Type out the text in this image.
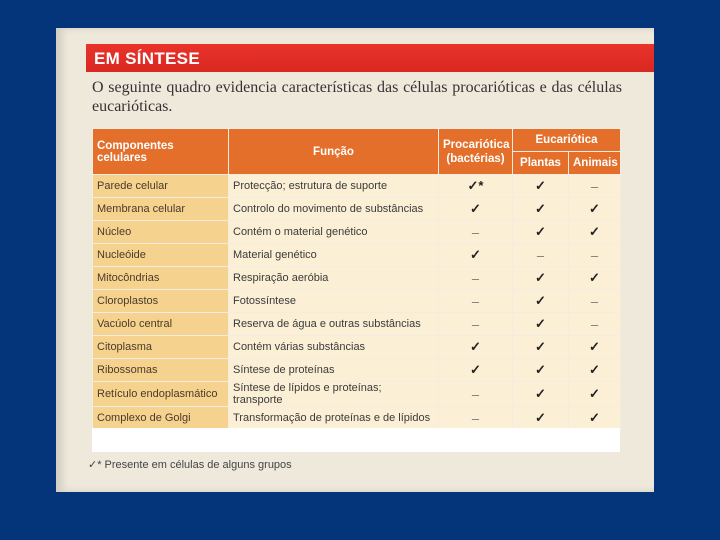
EM SÍNTESE
O seguinte quadro evidencia características das células procarióticas e das células eucarióticas.
Componentes celulares	Função	Procariótica (bactérias)	Eucariótica	
			Plantas	Animais
Parede celular	Protecção; estrutura de suporte	✓*	✓	–
Membrana celular	Controlo do movimento de substâncias	✓	✓	✓
Núcleo	Contém o material genético	–	✓	✓
Nucleóide	Material genético	✓	–	–
Mitocôndrias	Respiração aeróbia	–	✓	✓
Cloroplastos	Fotossíntese	–	✓	–
Vacúolo central	Reserva de água e outras substâncias	–	✓	–
Citoplasma	Contém várias substâncias	✓	✓	✓
Ribossomas	Síntese de proteínas	✓	✓	✓
Retículo endoplasmático	Síntese de lípidos e proteínas; transporte	–	✓	✓
Complexo de Golgi	Transformação de proteínas e de lípidos	–	✓	✓
✓* Presente em células de alguns grupos
